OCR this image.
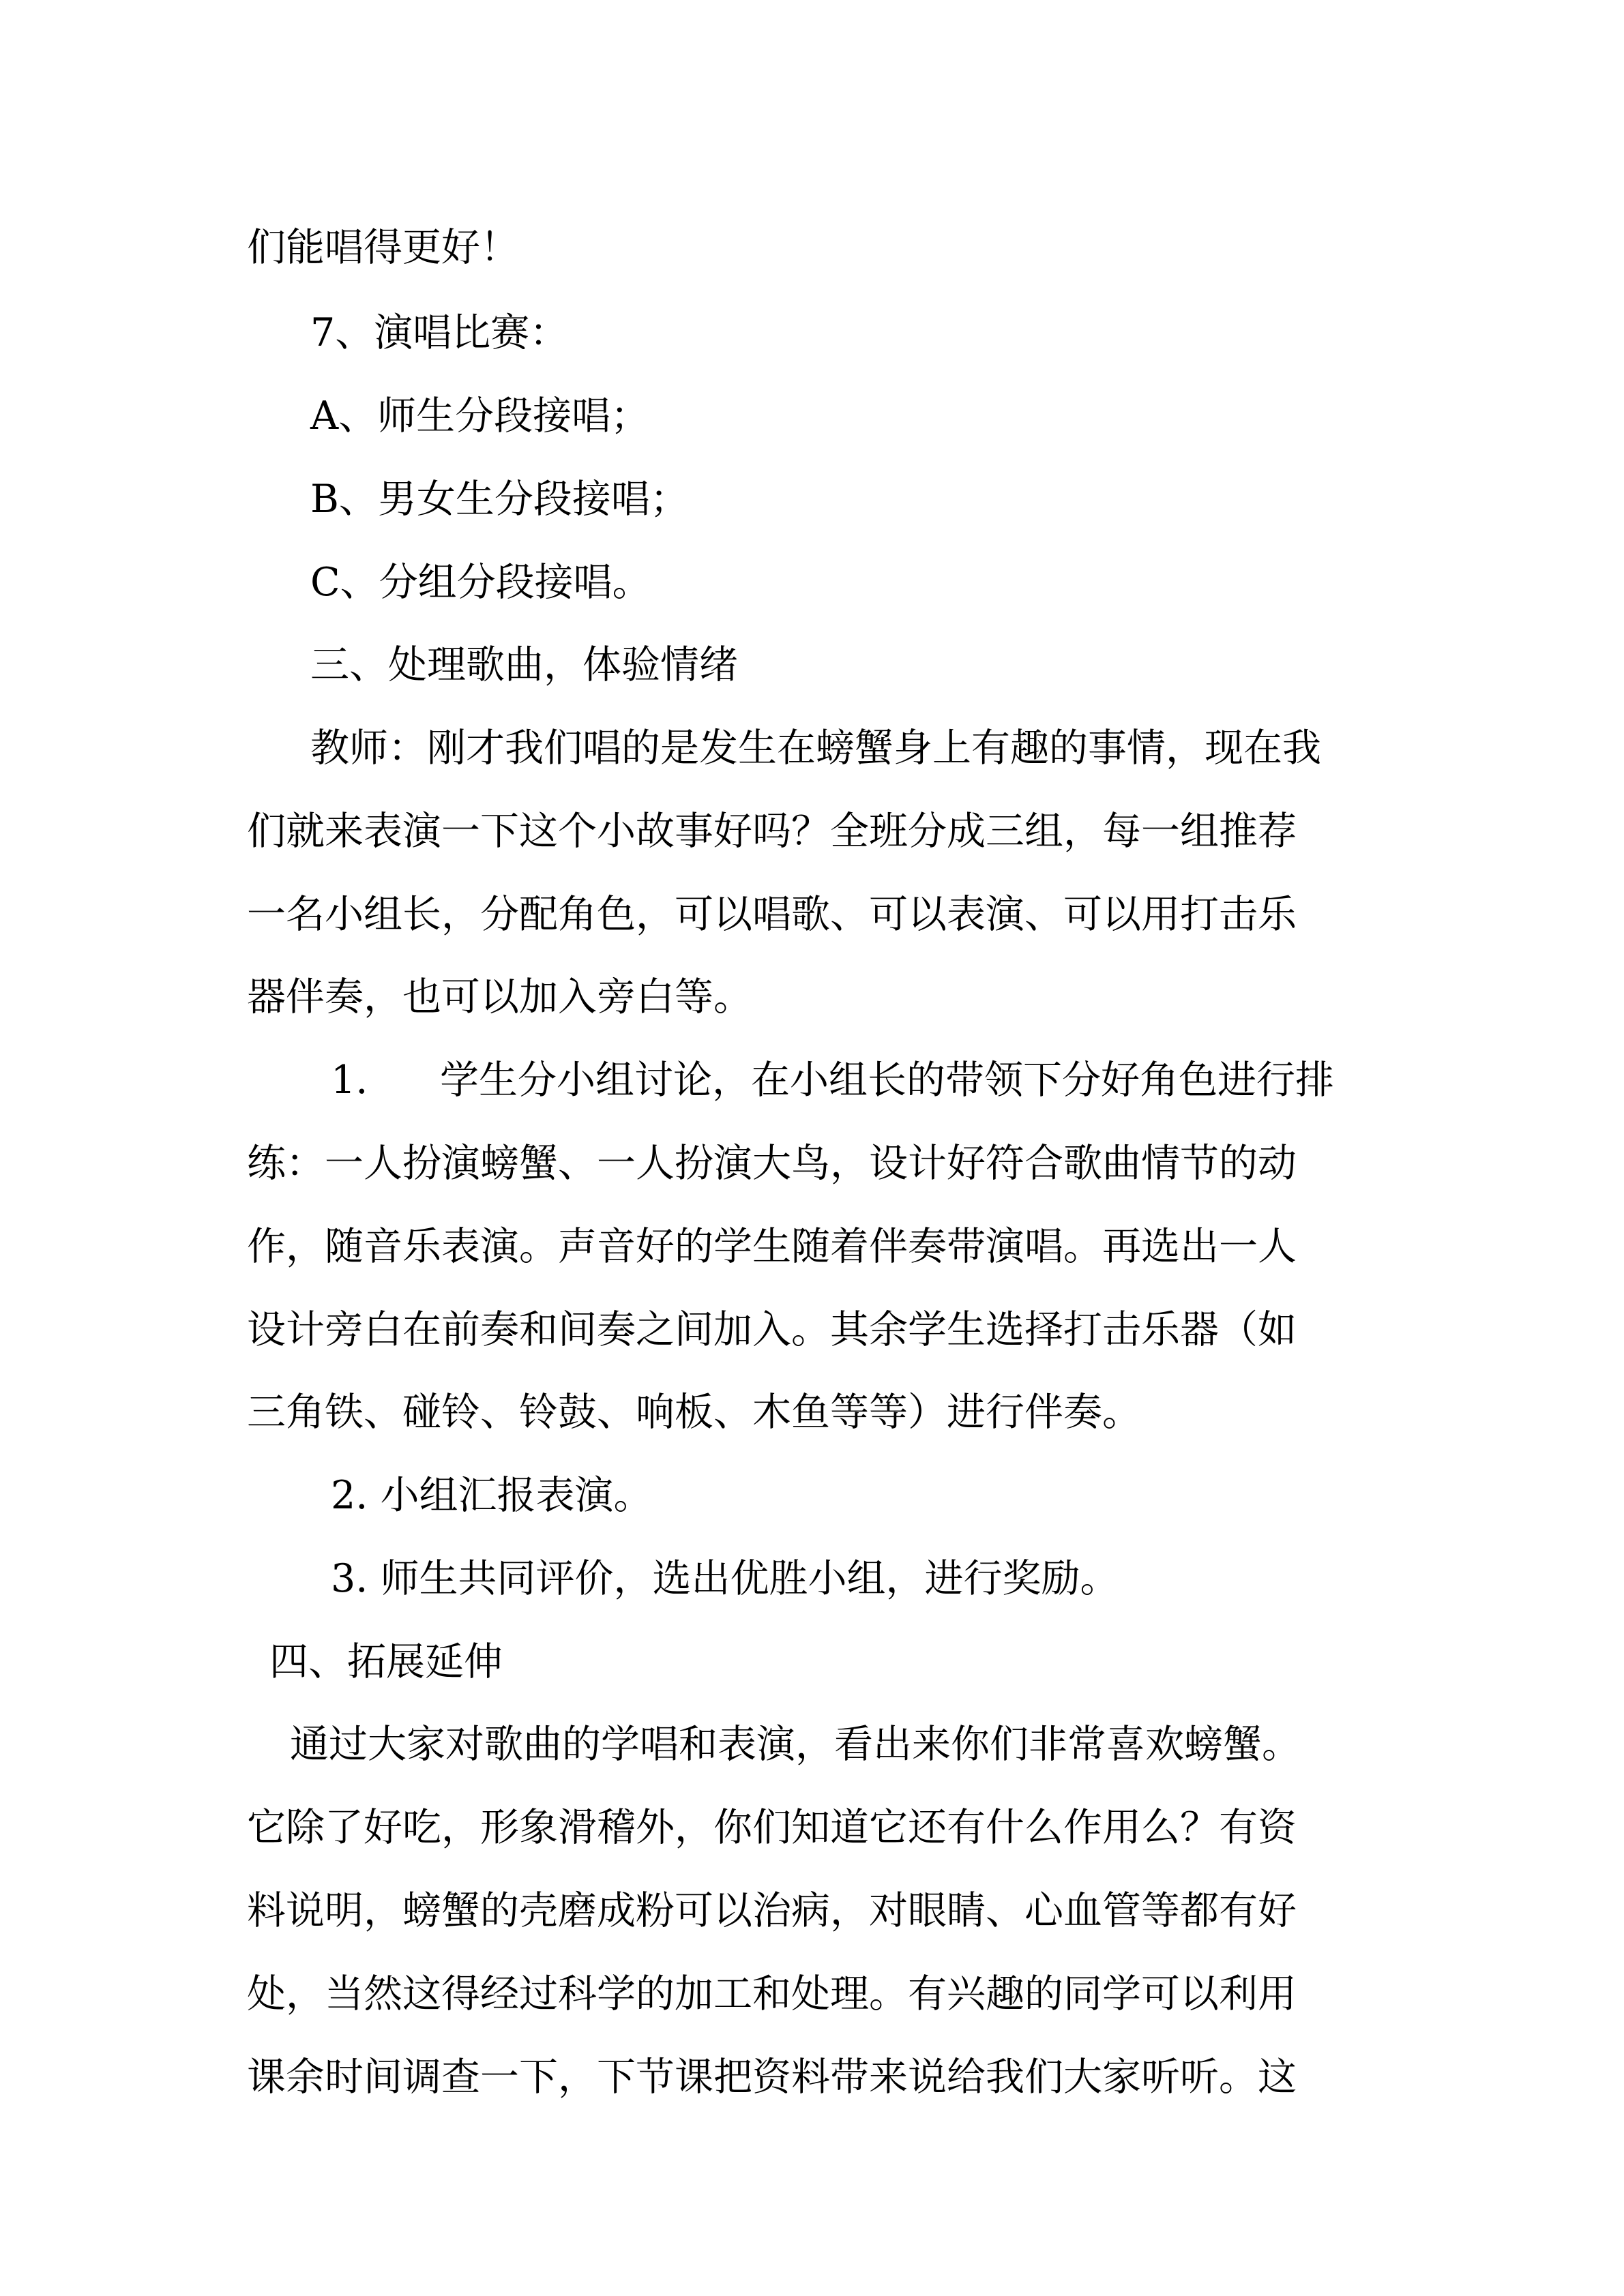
们能唱得更好！
7、演唱比赛：
A、师生分段接唱；
B、男女生分段接唱；
C、分组分段接唱。
三、处理歌曲，体验情绪
教师：刚才我们唱的是发生在螃蟹身上有趣的事情，现在我
们就来表演一下这个小故事好吗？全班分成三组，每一组推荐
一名小组长，分配角色，可以唱歌、可以表演、可以用打击乐
器伴奏，也可以加入旁白等。
1. 学生分小组讨论，在小组长的带领下分好角色进行排
练：一人扮演螃蟹、一人扮演大鸟，设计好符合歌曲情节的动
作，随音乐表演。声音好的学生随着伴奏带演唱。再选出一人
设计旁白在前奏和间奏之间加入。其余学生选择打击乐器（如
三角铁、碰铃、铃鼓、响板、木鱼等等）进行伴奏。
2. 小组汇报表演。
3. 师生共同评价，选出优胜小组，进行奖励。
四、拓展延伸
通过大家对歌曲的学唱和表演，看出来你们非常喜欢螃蟹。
它除了好吃，形象滑稽外，你们知道它还有什么作用么？有资
料说明，螃蟹的壳磨成粉可以治病，对眼睛、心血管等都有好
处，当然这得经过科学的加工和处理。有兴趣的同学可以利用
课余时间调查一下，下节课把资料带来说给我们大家听听。这
